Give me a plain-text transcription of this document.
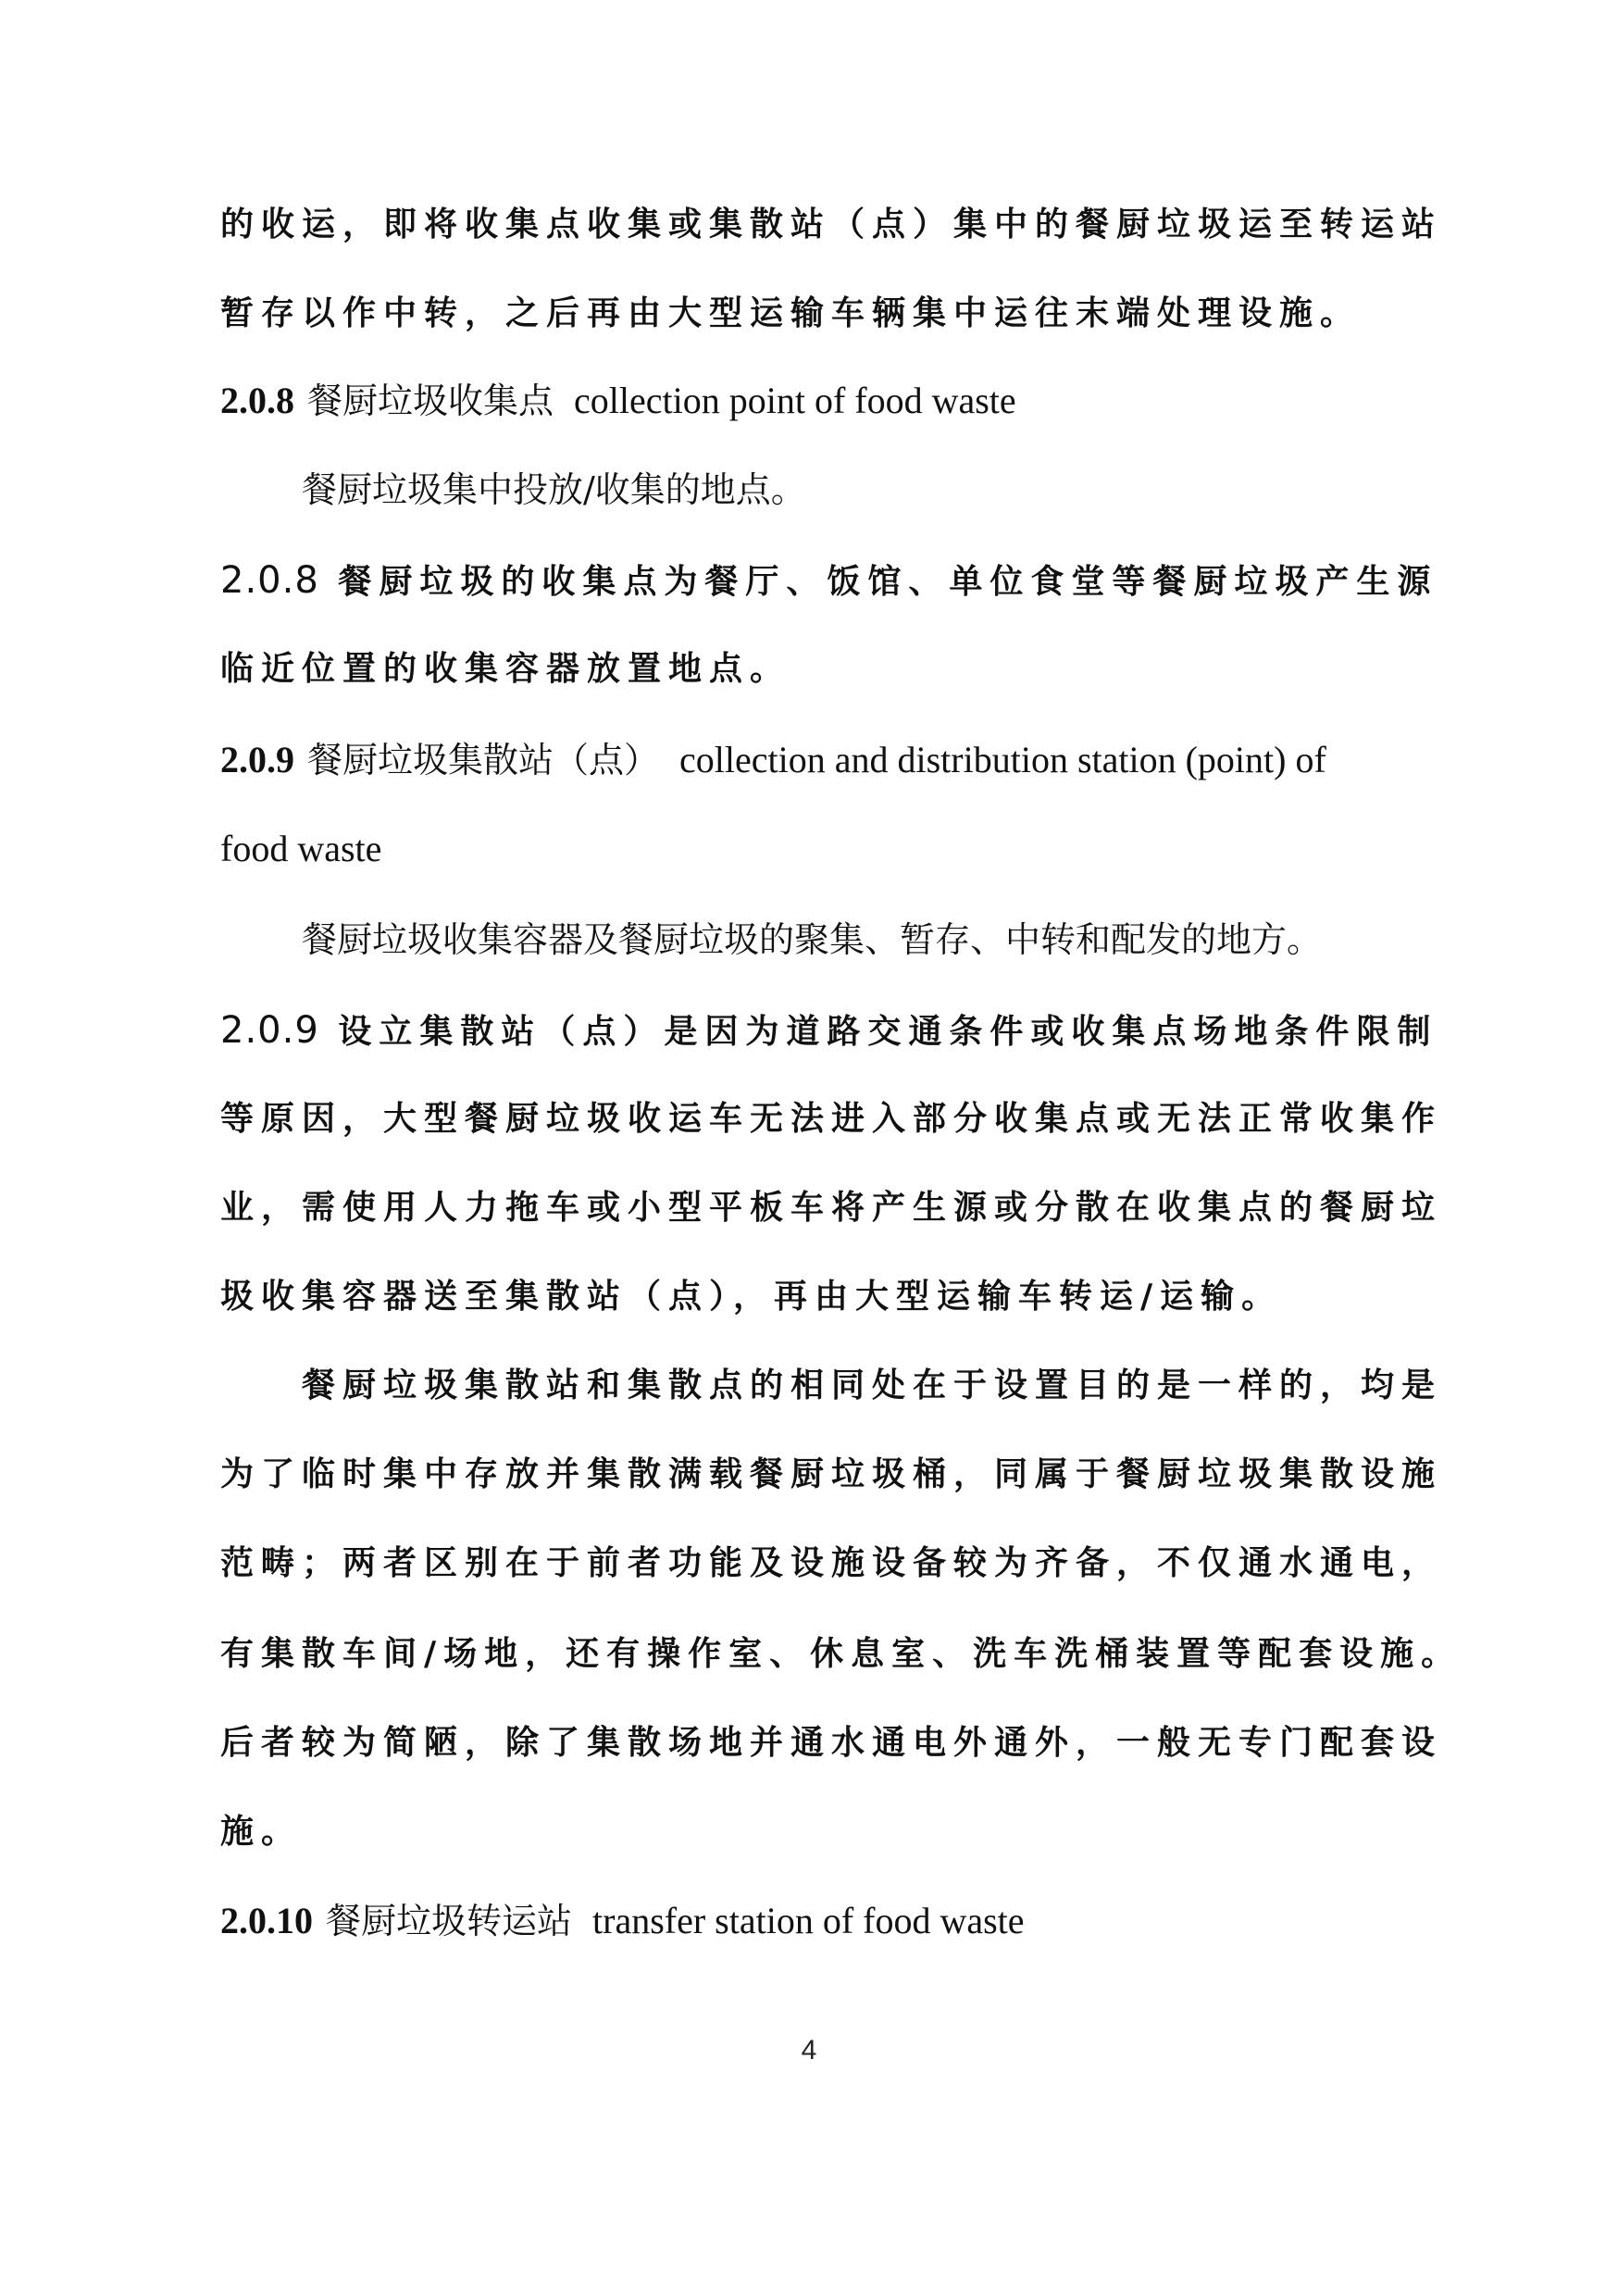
的收运，即将收集点收集或集散站（点）集中的餐厨垃圾运至转运站
暂存以作中转，之后再由大型运输车辆集中运往末端处理设施。
2.0.8 餐厨垃圾收集点 collection point of food waste
餐厨垃圾集中投放/收集的地点。
2.0.8 餐厨垃圾的收集点为餐厅、饭馆、单位食堂等餐厨垃圾产生源
临近位置的收集容器放置地点。
2.0.9 餐厨垃圾集散站（点） collection and distribution station (point) of
food waste
餐厨垃圾收集容器及餐厨垃圾的聚集、暂存、中转和配发的地方。
2.0.9 设立集散站（点）是因为道路交通条件或收集点场地条件限制
等原因，大型餐厨垃圾收运车无法进入部分收集点或无法正常收集作
业，需使用人力拖车或小型平板车将产生源或分散在收集点的餐厨垃
圾收集容器送至集散站（点），再由大型运输车转运/运输。
餐厨垃圾集散站和集散点的相同处在于设置目的是一样的，均是
为了临时集中存放并集散满载餐厨垃圾桶，同属于餐厨垃圾集散设施
范畴；两者区别在于前者功能及设施设备较为齐备，不仅通水通电，
有集散车间/场地，还有操作室、休息室、洗车洗桶装置等配套设施。
后者较为简陋，除了集散场地并通水通电外通外，一般无专门配套设
施。
2.0.10 餐厨垃圾转运站 transfer station of food waste
4
